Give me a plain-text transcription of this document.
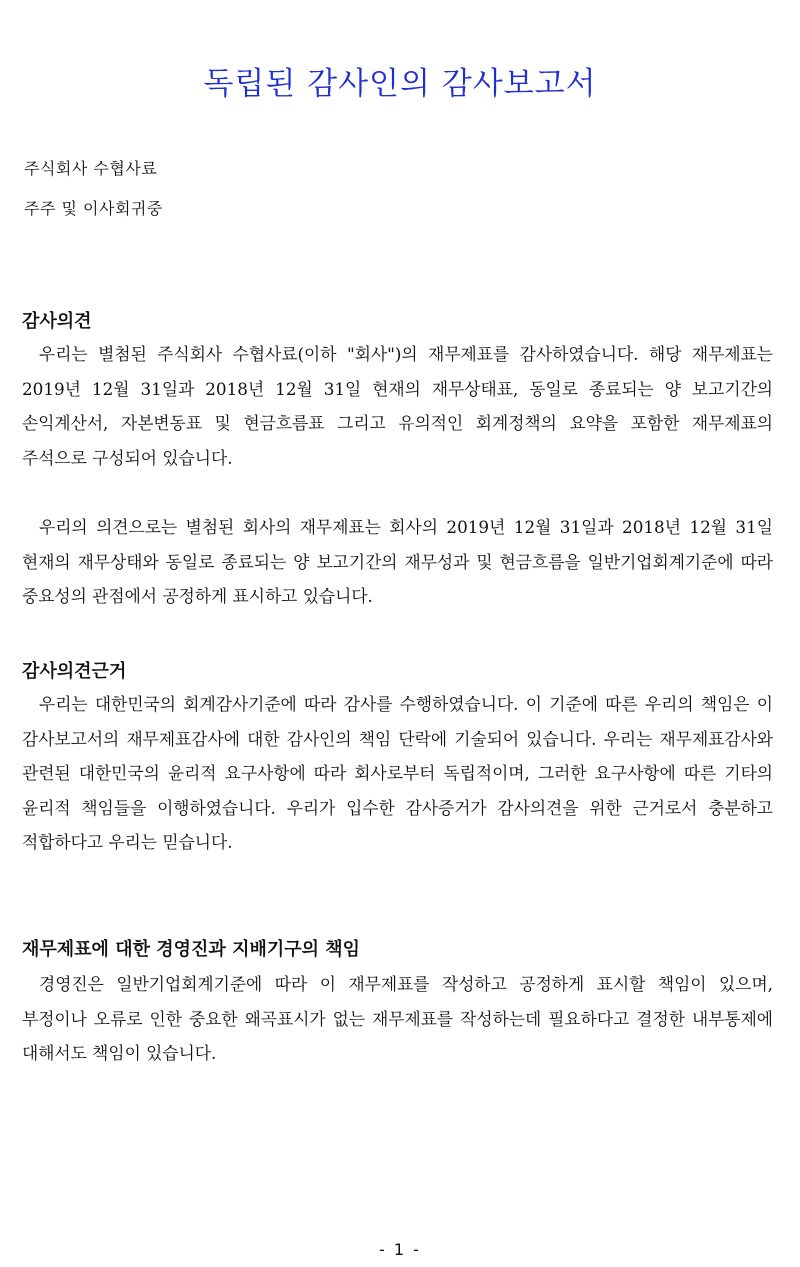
독립된 감사인의 감사보고서
주식회사 수협사료
주주 및 이사회귀중
감사의견

우리는 별첨된 주식회사 수협사료(이하 "회사")의 재무제표를 감사하였습니다. 해당 재무제표는 2019년 12월 31일과 2018년 12월 31일 현재의 재무상태표, 동일로 종료되는 양 보고기간의 손익계산서, 자본변동표 및 현금흐름표 그리고 유의적인 회계정책의 요약을 포함한 재무제표의 주석으로 구성되어 있습니다.

우리의 의견으로는 별첨된 회사의 재무제표는 회사의 2019년 12월 31일과 2018년 12월 31일 현재의 재무상태와 동일로 종료되는 양 보고기간의 재무성과 및 현금흐름을 일반기업회계기준에 따라 중요성의 관점에서 공정하게 표시하고 있습니다.

감사의견근거

우리는 대한민국의 회계감사기준에 따라 감사를 수행하였습니다. 이 기준에 따른 우리의 책임은 이 감사보고서의 재무제표감사에 대한 감사인의 책임 단락에 기술되어 있습니다. 우리는 재무제표감사와 관련된 대한민국의 윤리적 요구사항에 따라 회사로부터 독립적이며, 그러한 요구사항에 따른 기타의 윤리적 책임들을 이행하였습니다. 우리가 입수한 감사증거가 감사의견을 위한 근거로서 충분하고 적합하다고 우리는 믿습니다.

재무제표에 대한 경영진과 지배기구의 책임

경영진은 일반기업회계기준에 따라 이 재무제표를 작성하고 공정하게 표시할 책임이 있으며, 부정이나 오류로 인한 중요한 왜곡표시가 없는 재무제표를 작성하는데 필요하다고 결정한 내부통제에 대해서도 책임이 있습니다.

- 1 -
